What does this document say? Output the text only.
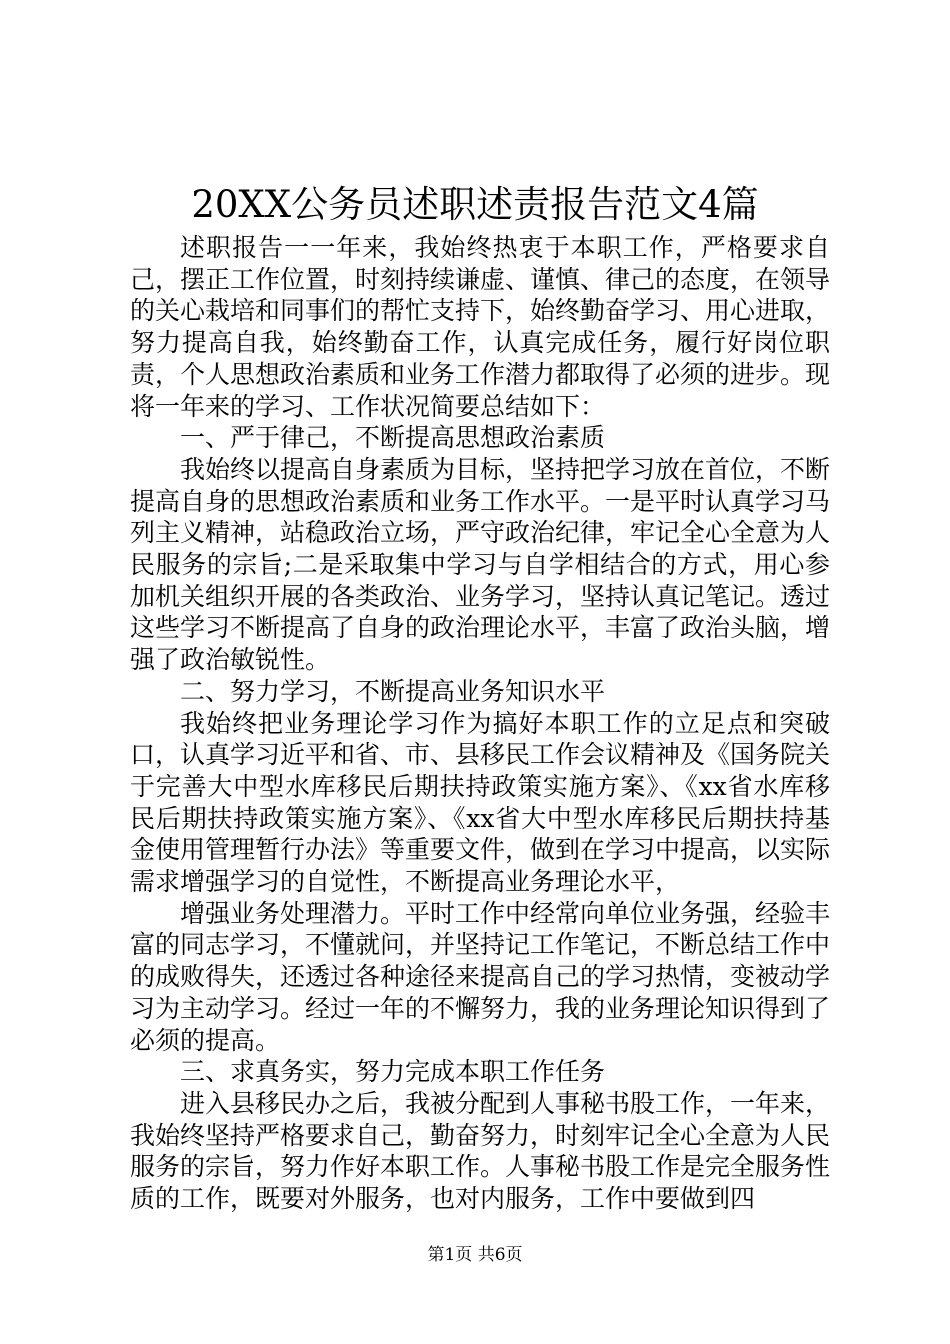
20XX公务员述职述责报告范文4篇

述职报告一一年来，我始终热衷于本职工作，严格要求自己，摆正工作位置，时刻持续谦虚、谨慎、律己的态度，在领导的关心栽培和同事们的帮忙支持下，始终勤奋学习、用心进取，努力提高自我，始终勤奋工作，认真完成任务，履行好岗位职责，个人思想政治素质和业务工作潜力都取得了必须的进步。现将一年来的学习、工作状况简要总结如下：

一、严于律己，不断提高思想政治素质

我始终以提高自身素质为目标，坚持把学习放在首位，不断提高自身的思想政治素质和业务工作水平。一是平时认真学习马列主义精神，站稳政治立场，严守政治纪律，牢记全心全意为人民服务的宗旨;二是采取集中学习与自学相结合的方式，用心参加机关组织开展的各类政治、业务学习，坚持认真记笔记。透过这些学习不断提高了自身的政治理论水平，丰富了政治头脑，增强了政治敏锐性。

二、努力学习，不断提高业务知识水平

我始终把业务理论学习作为搞好本职工作的立足点和突破口，认真学习近平和省、市、县移民工作会议精神及《国务院关于完善大中型水库移民后期扶持政策实施方案》、《xx省水库移民后期扶持政策实施方案》、《xx省大中型水库移民后期扶持基金使用管理暂行办法》等重要文件，做到在学习中提高，以实际需求增强学习的自觉性，不断提高业务理论水平，

增强业务处理潜力。平时工作中经常向单位业务强，经验丰富的同志学习，不懂就问，并坚持记工作笔记，不断总结工作中的成败得失，还透过各种途径来提高自己的学习热情，变被动学习为主动学习。经过一年的不懈努力，我的业务理论知识得到了必须的提高。

三、求真务实，努力完成本职工作任务

进入县移民办之后，我被分配到人事秘书股工作，一年来，我始终坚持严格要求自己，勤奋努力，时刻牢记全心全意为人民服务的宗旨，努力作好本职工作。人事秘书股工作是完全服务性质的工作，既要对外服务，也对内服务，工作中要做到四

第1页 共6页
